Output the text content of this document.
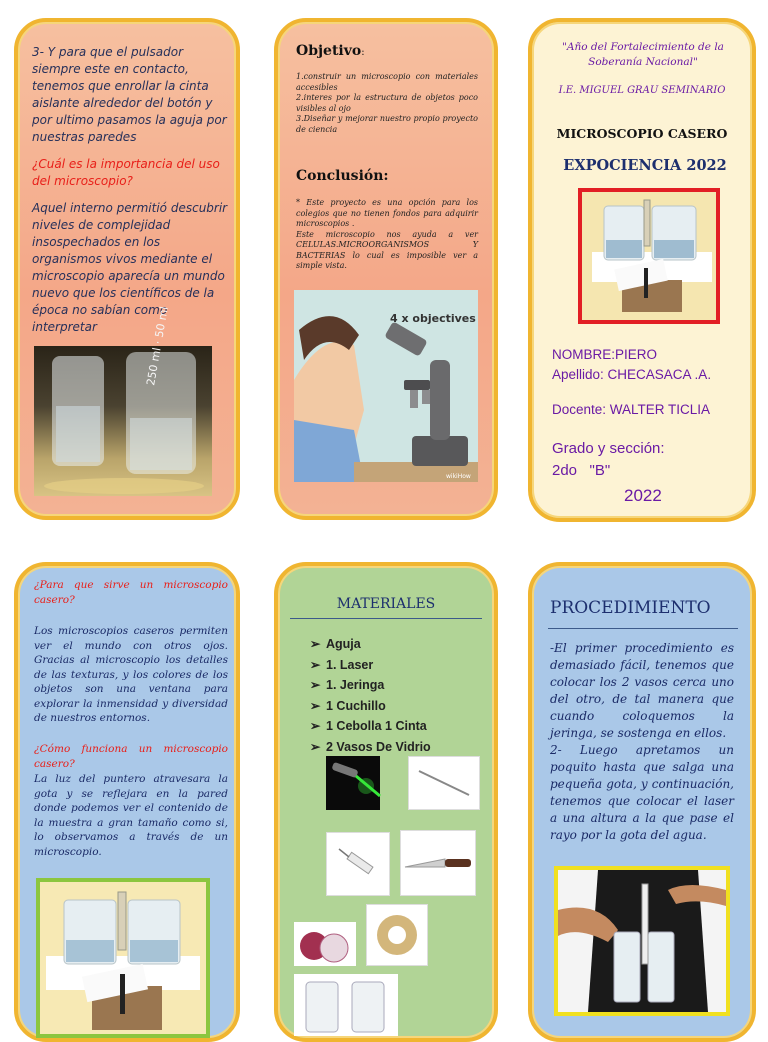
3- Y para que el pulsador siempre este en contacto, tenemos que enrollar la cinta aislante alrededor del botón y por ultimo pasamos la aguja por nuestras paredes

¿Cuál es la importancia del uso del microscopio?

Aquel interno permitió descubrir niveles de complejidad insospechados en los organismos vivos mediante el microscopio aparecía un mundo nuevo que los científicos de la época no sabían como interpretar	250 ml · 50 ml
Objetivo:

1.construir un microscopio con materiales accesibles
2.interes por la estructura de objetos poco visibles al ojo
3.Diseñar y mejorar nuestro propio proyecto de ciencia

Conclusión:

* Este proyecto es una opción para los colegios que no tienen fondos para adquirir microscopios .
Este microscopio nos ayuda a ver CELULAS.MICROORGANISMOS Y BACTERIAS lo cual es imposible ver a simple vista.

4 x objectives
wikiHow

"Año del Fortalecimiento de la Soberanía Nacional"

I.E. MIGUEL GRAU SEMINARIO
MICROSCOPIO CASERO
EXPOCIENCIA 2022
NOMBRE:PIERO
Apellido: CHECASACA .A.
Docente: WALTER TICLIA
Grado y sección:
2do   "B"
2022

¿Para que sirve un microscopio casero?

Los microscopios caseros permiten ver el mundo con otros ojos. Gracias al microscopio los detalles de las texturas, y los colores de los objetos son una ventana para explorar la inmensidad y diversidad de nuestros entornos.

¿Cómo funciona un microscopio casero?

La luz del puntero atravesara la gota y se reflejara en la pared donde podemos ver el contenido de la muestra a gran tamaño como si, lo observamos a través de un microscopio.

MATERIALES
➢ Aguja
➢ 1. Laser
➢ 1. Jeringa
➢ 1 Cuchillo
➢ 1 Cebolla 1 Cinta
➢ 2 Vasos De Vidrio
PROCEDIMIENTO

-El primer procedimiento es demasiado fácil, tenemos que colocar los 2 vasos cerca uno del otro, de tal manera que cuando coloquemos la jeringa, se sostenga en ellos.
2- Luego apretamos un poquito hasta que salga una pequeña gota, y continuación, tenemos que colocar el laser a una altura a la que pase el rayo por la gota del agua.
